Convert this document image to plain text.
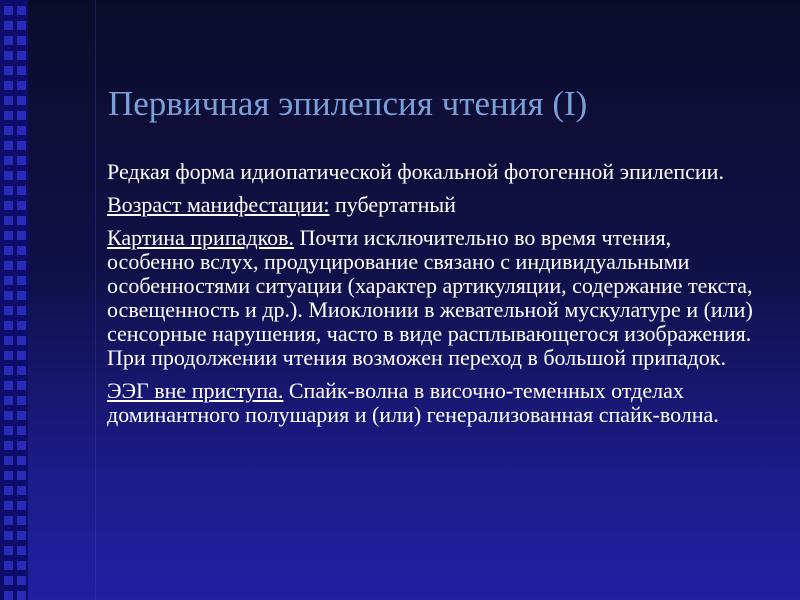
Первичная эпилепсия чтения (I)

Редкая форма идиопатической фокальной фотогенной эпилепсии.

Возраст манифестации: пубертатный

Картина припадков. Почти исключительно во время чтения, особенно вслух, продуцирование связано с индивидуальными особенностями ситуации (характер артикуляции, содержание текста, освещенность и др.). Миоклонии в жевательной мускулатуре и (или) сенсорные нарушения, часто в виде расплывающегося изображения. При продолжении чтения возможен переход в большой припадок.

ЭЭГ вне приступа. Спайк-волна в височно-теменных отделах доминантного полушария и (или) генерализованная спайк-волна.
